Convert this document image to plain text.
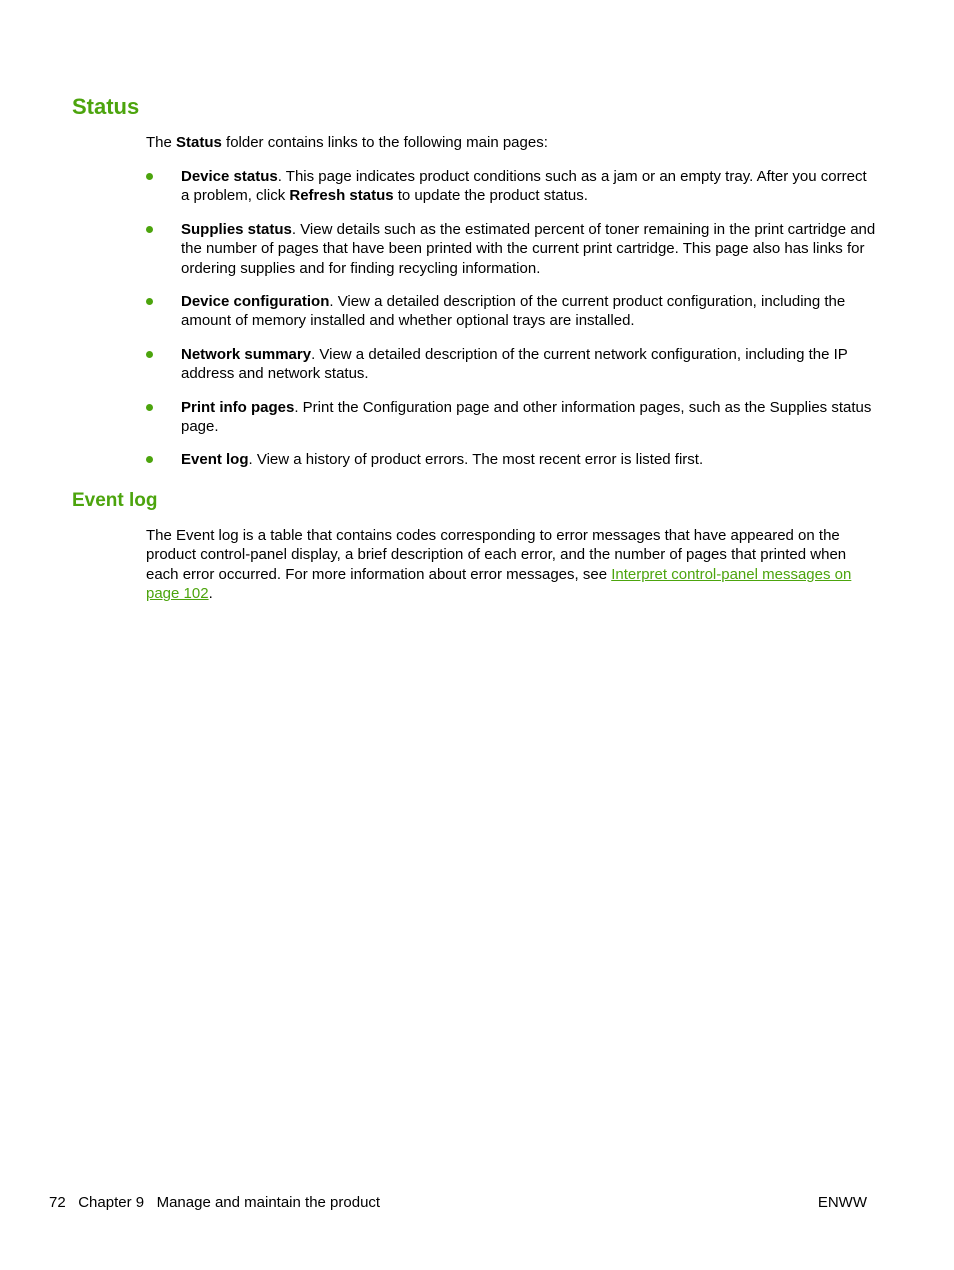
Status

The Status folder contains links to the following main pages:

Device status. This page indicates product conditions such as a jam or an empty tray. After you correct a problem, click Refresh status to update the product status.
Supplies status. View details such as the estimated percent of toner remaining in the print cartridge and the number of pages that have been printed with the current print cartridge. This page also has links for ordering supplies and for finding recycling information.
Device configuration. View a detailed description of the current product configuration, including the amount of memory installed and whether optional trays are installed.
Network summary. View a detailed description of the current network configuration, including the IP address and network status.
Print info pages. Print the Configuration page and other information pages, such as the Supplies status page.
Event log. View a history of product errors. The most recent error is listed first.
Event log

The Event log is a table that contains codes corresponding to error messages that have appeared on the product control-panel display, a brief description of each error, and the number of pages that printed when each error occurred. For more information about error messages, see Interpret control-panel messages on page 102.

72 Chapter 9 Manage and maintain the product	ENWW
